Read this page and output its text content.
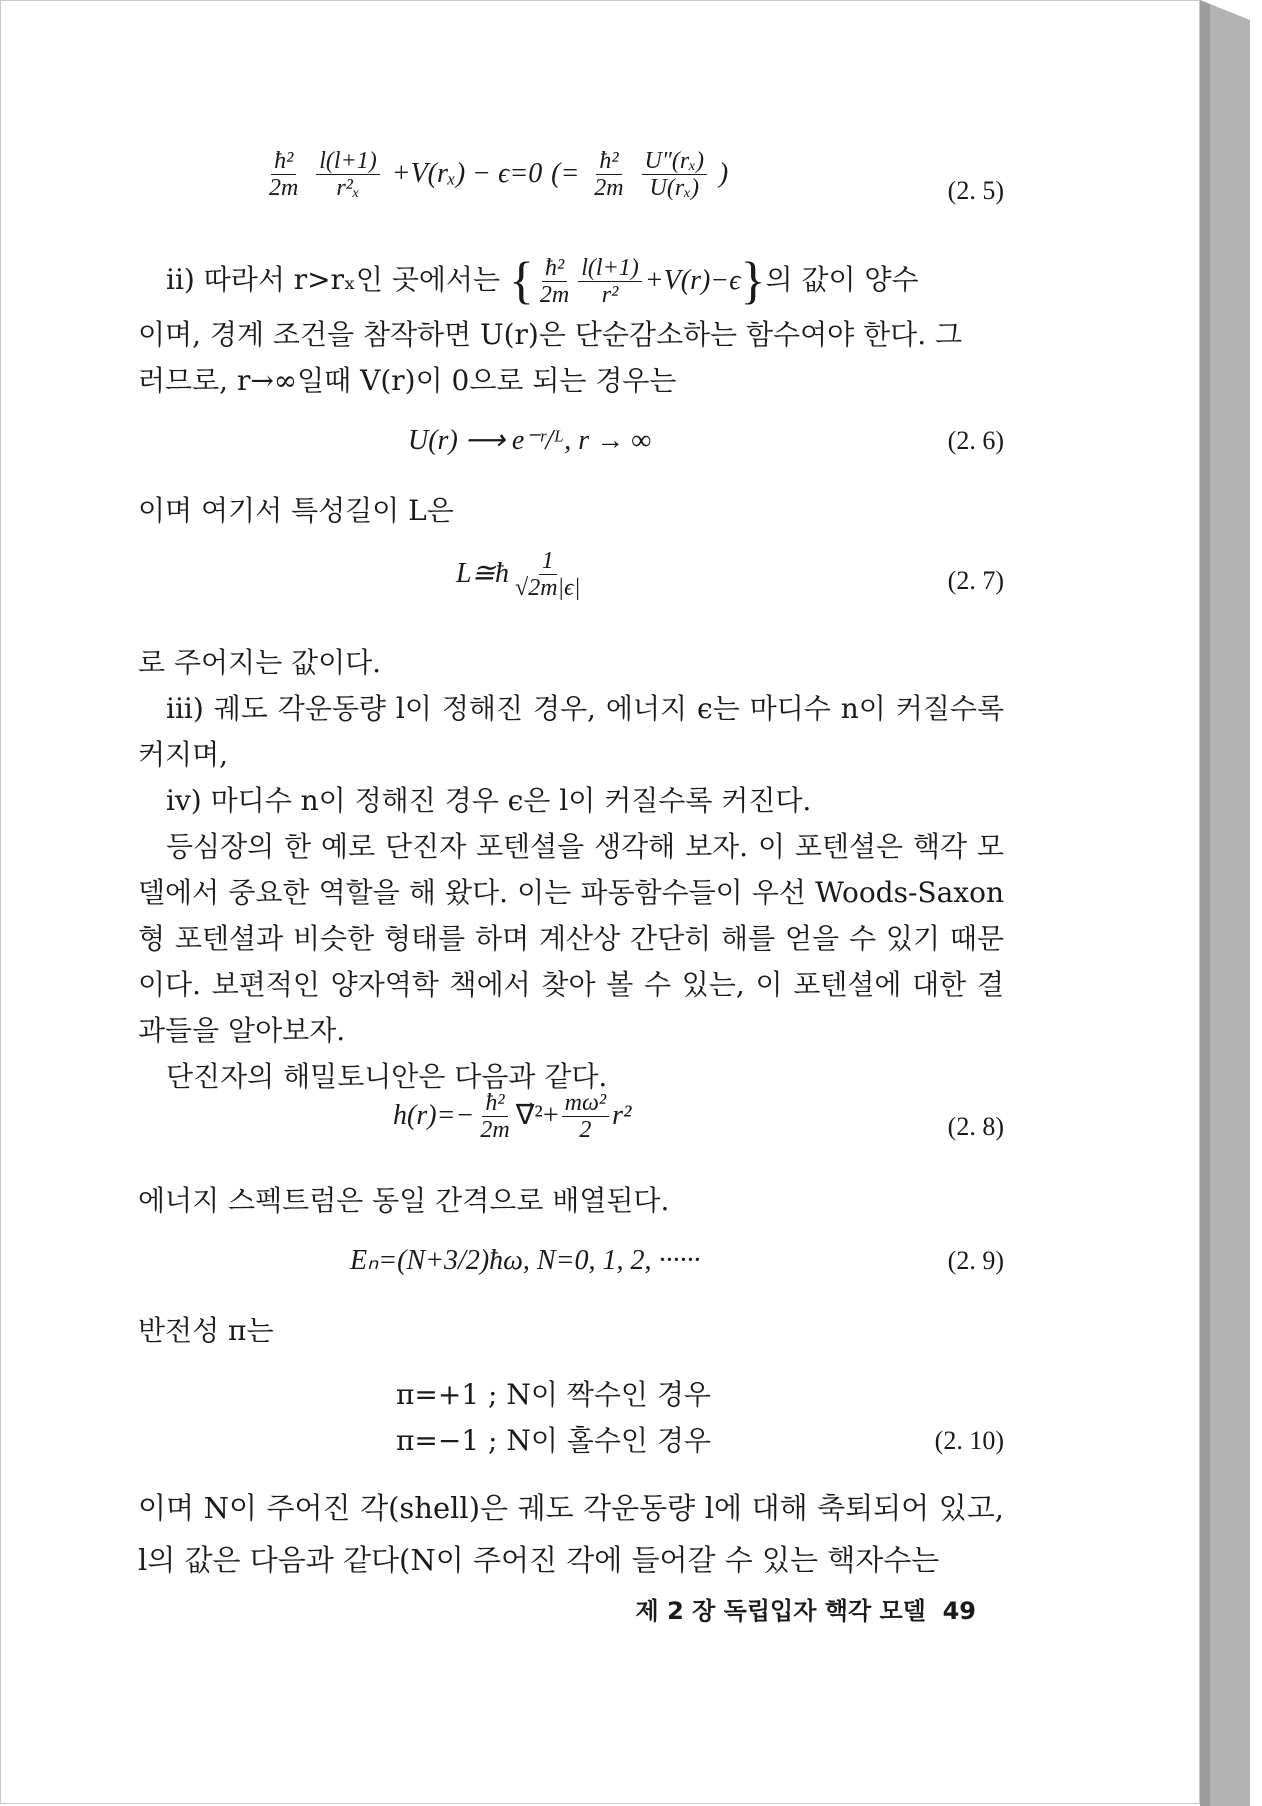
$\frac{\text{ħ²}}{2m}$
$\frac{l(l+1)}{\text{r²ₓ}} +V(r_x) - \epsilon=0$ (= $\frac{\text{ħ²}}{2m}$
$\frac{\text{U″(rₓ)}}{\text{U(rₓ)}}$ )
(2. 5)
ii) 따라서 r>rₓ인 곳에서는 { $\frac{\text{ħ²}}{2m} \frac{l(l+1)}{\text{r²}} +V(r)-\epsilon$}의 값이 양수

이며, 경계 조건을 참작하면 U(r)은 단순감소하는 함수여야 한다. 그

러므로, r→∞일때 V(r)이 0으로 되는 경우는

U(r) ⟶ e⁻ʳ/ᴸ, r → ∞	(2. 6)

이며 여기서 특성길이 L은

L≅ħ $\frac{1}{√2m|\epsilon|}$	(2. 7)

로 주어지는 값이다.

iii) 궤도 각운동량 l이 정해진 경우, 에너지 ϵ는 마디수 n이 커질수록 커지며,

iv) 마디수 n이 정해진 경우 ϵ은 l이 커질수록 커진다.

등심장의 한 예로 단진자 포텐셜을 생각해 보자. 이 포텐셜은 핵각 모델에서 중요한 역할을 해 왔다. 이는 파동함수들이 우선 Woods-Saxon형 포텐셜과 비슷한 형태를 하며 계산상 간단히 해를 얻을 수 있기 때문이다. 보편적인 양자역학 책에서 찾아 볼 수 있는, 이 포텐셜에 대한 결과들을 알아보자.

단진자의 해밀토니안은 다음과 같다.

$h(r)=- \frac{\text{ħ²}}{2m}$ ∇⃗²+ $\frac{\text{mω²}}{2} r^2$	(2. 8)

에너지 스펙트럼은 동일 간격으로 배열된다.

Eₙ=(N+3/2)ħω, N=0, 1, 2, ······	(2. 9)

반전성 π는

π=+1 ; N이 짝수인 경우
π=−1 ; N이 홀수인 경우	(2. 10)

이며 N이 주어진 각(shell)은 궤도 각운동량 l에 대해 축퇴되어 있고, l의 값은 다음과 같다(N이 주어진 각에 들어갈 수 있는 핵자수는

제 2 장 독립입자 핵각 모델 49
